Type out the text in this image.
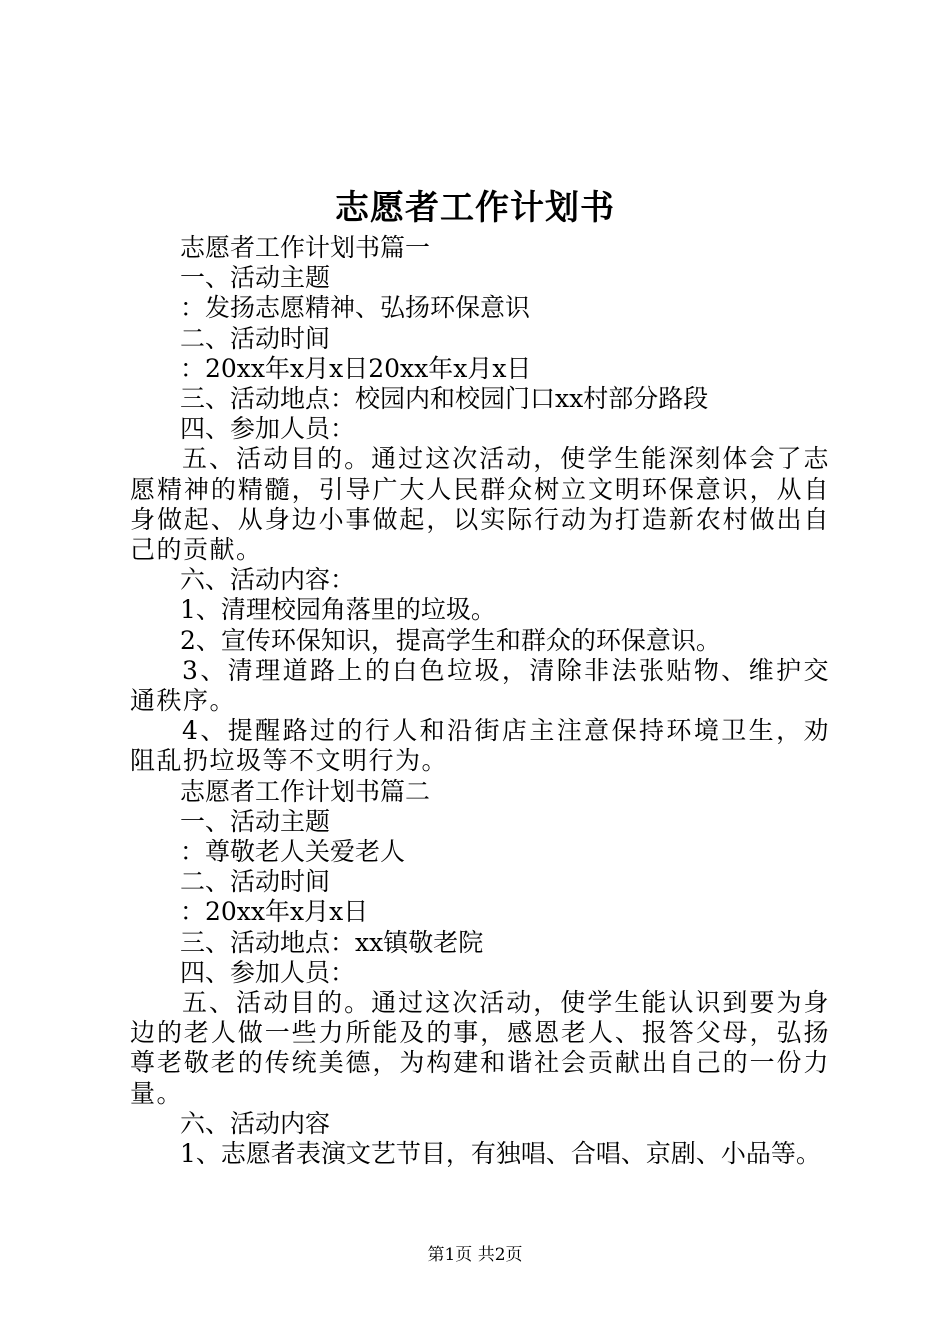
志愿者工作计划书
志愿者工作计划书篇一
一、活动主题
：发扬志愿精神、弘扬环保意识
二、活动时间
：20xx年x月x日20xx年x月x日
三、活动地点：校园内和校园门口xx村部分路段
四、参加人员：
五、活动目的。通过这次活动，使学生能深刻体会了志愿精神的精髓，引导广大人民群众树立文明环保意识，从自身做起、从身边小事做起，以实际行动为打造新农村做出自己的贡献。
六、活动内容：
1、清理校园角落里的垃圾。
2、宣传环保知识，提高学生和群众的环保意识。
3、清理道路上的白色垃圾，清除非法张贴物、维护交通秩序。
4、提醒路过的行人和沿街店主注意保持环境卫生，劝阻乱扔垃圾等不文明行为。
志愿者工作计划书篇二
一、活动主题
：尊敬老人关爱老人
二、活动时间
：20xx年x月x日
三、活动地点：xx镇敬老院
四、参加人员：
五、活动目的。通过这次活动，使学生能认识到要为身边的老人做一些力所能及的事，感恩老人、报答父母，弘扬尊老敬老的传统美德，为构建和谐社会贡献出自己的一份力量。
六、活动内容
1、志愿者表演文艺节目，有独唱、合唱、京剧、小品等。
第1页 共2页
